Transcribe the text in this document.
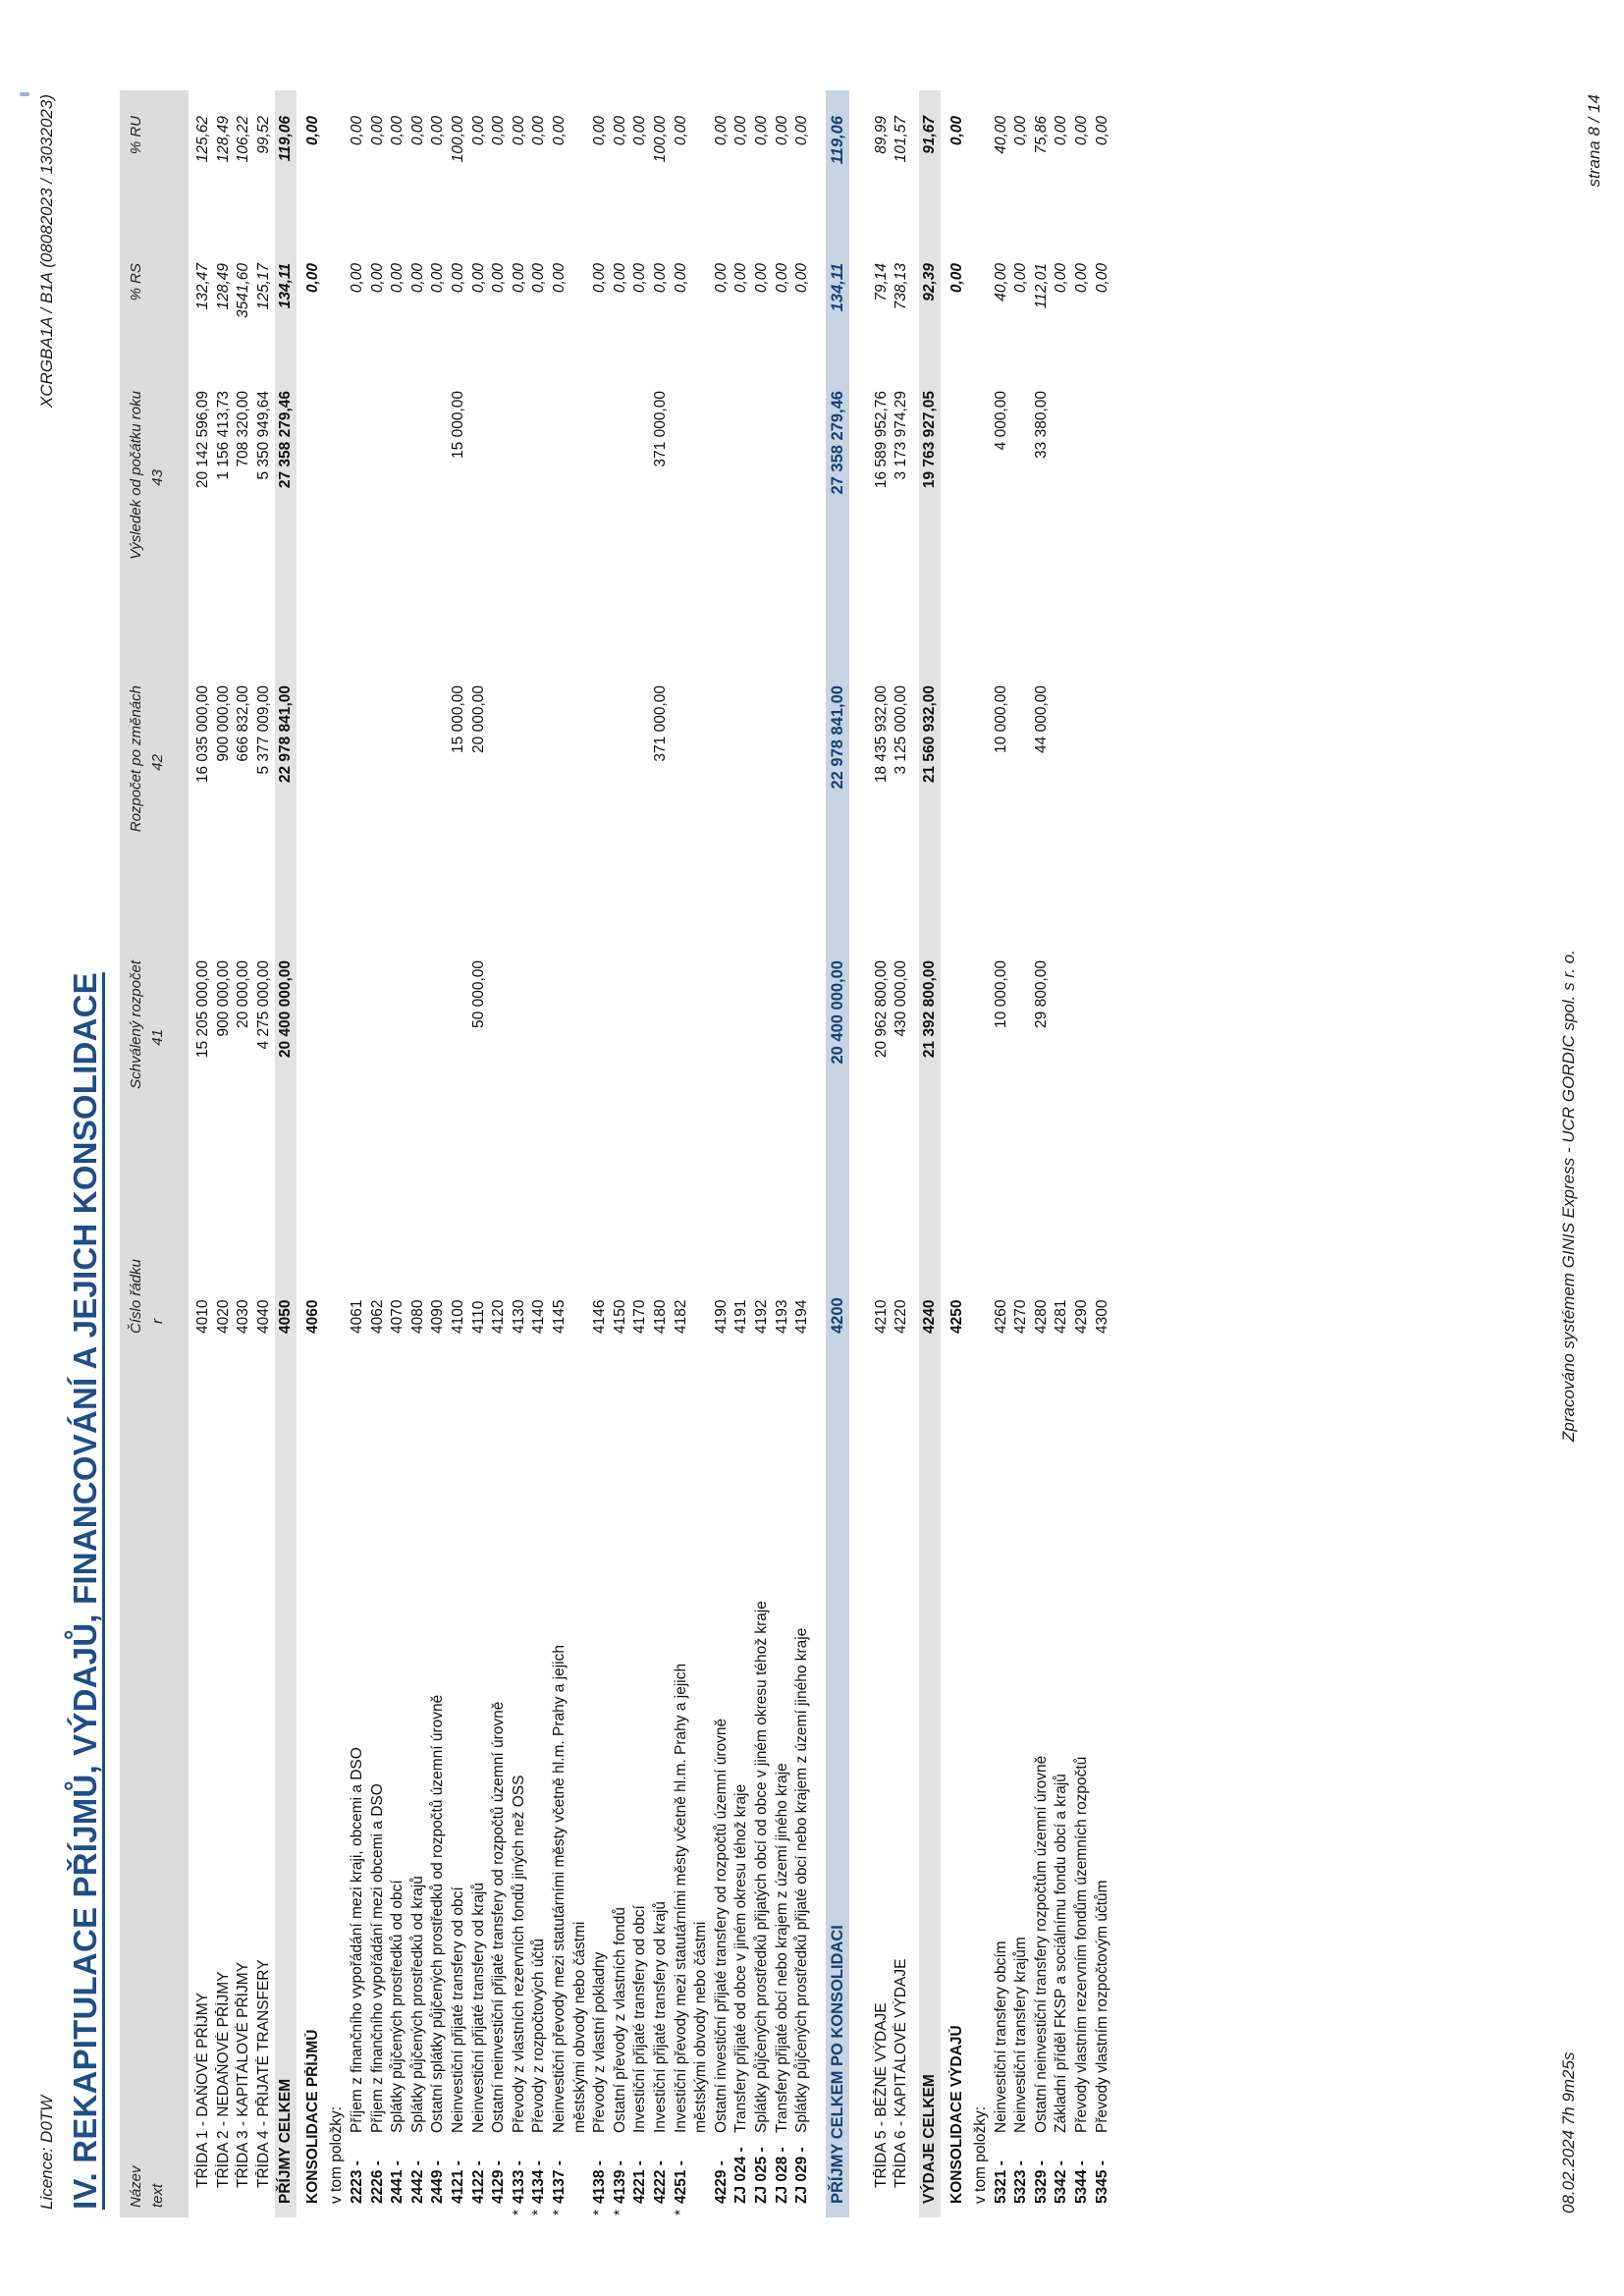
Licence: D0TW
XCRGBA1A / B1A (08082023 / 13032023)
IV. REKAPITULACE PŘÍJMŮ, VÝDAJŮ, FINANCOVÁNÍ A JEJICH KONSOLIDACE Název text
Číslo řádku r
Schválený rozpočet 41
Rozpočet po změnách 42
Výsledek od počátku roku 43
% RS
% RU
TŘÍDA 1 - DAŇOVÉ PŘÍJMY
4010
15 205 000,00
16 035 000,00
20 142 596,09
132,47
125,62
TŘÍDA 2 - NEDAŇOVÉ PŘÍJMY
4020
900 000,00
900 000,00
1 156 413,73
128,49
128,49
TŘÍDA 3 - KAPITÁLOVÉ PŘÍJMY
4030
20 000,00
666 832,00
708 320,00
3541,60
106,22
TŘÍDA 4 - PŘIJATÉ TRANSFERY
4040
4 275 000,00
5 377 009,00
5 350 949,64
125,17
99,52
PŘÍJMY CELKEM
4050
20 400 000,00
22 978 841,00
27 358 279,46
134,11
119,06
KONSOLIDACE PŘÍJMŮ
4060
0,00
0,00
v tom položky: 2223 -
Příjem z finančního vypořádání mezi kraji, obcemi a DSO
4061
0,00
0,00
2226 -
Příjem z finančního vypořádání mezi obcemi a DSO
4062
0,00
0,00
2441 -
Splátky půjčených prostředků od obcí
4070
0,00
0,00
2442 -
Splátky půjčených prostředků od krajů
4080
0,00
0,00
2449 -
Ostatní splátky půjčených prostředků od rozpočtů územní úrovně
4090
0,00
0,00
4121 -
Neinvestiční přijaté transfery od obcí
4100
15 000,00
15 000,00
0,00
100,00
4122 -
Neinvestiční přijaté transfery od krajů
4110
50 000,00
20 000,00
0,00
0,00
4129 -
Ostatní neinvestiční přijaté transfery od rozpočtů územní úrovně
4120
0,00
0,00
*
4133 -
Převody z vlastních rezervních fondů jiných než OSS
4130
0,00
0,00
*
4134 -
Převody z rozpočtových účtů
4140
0,00
0,00
*
4137 -
Neinvestiční převody mezi statutárními městy včetně hl.m. Prahy a jejich
4145
0,00
0,00
městskými obvody nebo částmi
*
4138 -
Převody z vlastní pokladny
4146
0,00
0,00
*
4139 -
Ostatní převody z vlastních fondů
4150
0,00
0,00
4221 -
Investiční přijaté transfery od obcí
4170
0,00
0,00
4222 -
Investiční přijaté transfery od krajů
4180
371 000,00
371 000,00
0,00
100,00
*
4251 -
Investiční převody mezi statutárními městy včetně hl.m. Prahy a jejich
4182
0,00
0,00
městskými obvody nebo částmi
4229 -
Ostatní investiční přijaté transfery od rozpočtů územní úrovně
4190
0,00
0,00
ZJ 024 -
Transfery přijaté od obce v jiném okresu téhož kraje
4191
0,00
0,00
ZJ 025 -
Splátky půjčených prostředků přijatých obcí od obce v jiném okresu téhož kraje
4192
0,00
0,00
ZJ 028 -
Transfery přijaté obcí nebo krajem z území jiného kraje
4193
0,00
0,00
ZJ 029 -
Splátky půjčených prostředků přijaté obcí nebo krajem z území jiného kraje
4194
0,00
0,00
PŘÍJMY CELKEM PO KONSOLIDACI
4200
20 400 000,00
22 978 841,00
27 358 279,46
134,11
119,06
TŘÍDA 5 - BĚŽNÉ VÝDAJE
4210
20 962 800,00
18 435 932,00
16 589 952,76
79,14
89,99
TŘÍDA 6 - KAPITÁLOVÉ VÝDAJE
4220
430 000,00
3 125 000,00
3 173 974,29
738,13
101,57
VÝDAJE CELKEM
4240
21 392 800,00
21 560 932,00
19 763 927,05
92,39
91,67
KONSOLIDACE VÝDAJŮ
4250
0,00
0,00
v tom položky: 5321 -
Neinvestiční transfery obcím
4260
10 000,00
10 000,00
4 000,00
40,00
40,00
5323 -
Neinvestiční transfery krajům
4270
0,00
0,00
5329 -
Ostatní neinvestiční transfery rozpočtům územní úrovně
4280
29 800,00
44 000,00
33 380,00
112,01
75,86
5342 -
Základní příděl FKSP a sociálnímu fondu obcí a krajů
4281
0,00
0,00
5344 -
Převody vlastním rezervním fondům územních rozpočtů
4290
0,00
0,00
5345 -
Převody vlastním rozpočtovým účtům
4300
0,00
0,00
08.02.2024 7h 9m25s
Zpracováno systémem GINIS Express - UCR GORDIC spol. s r. o.
strana 8 / 14
